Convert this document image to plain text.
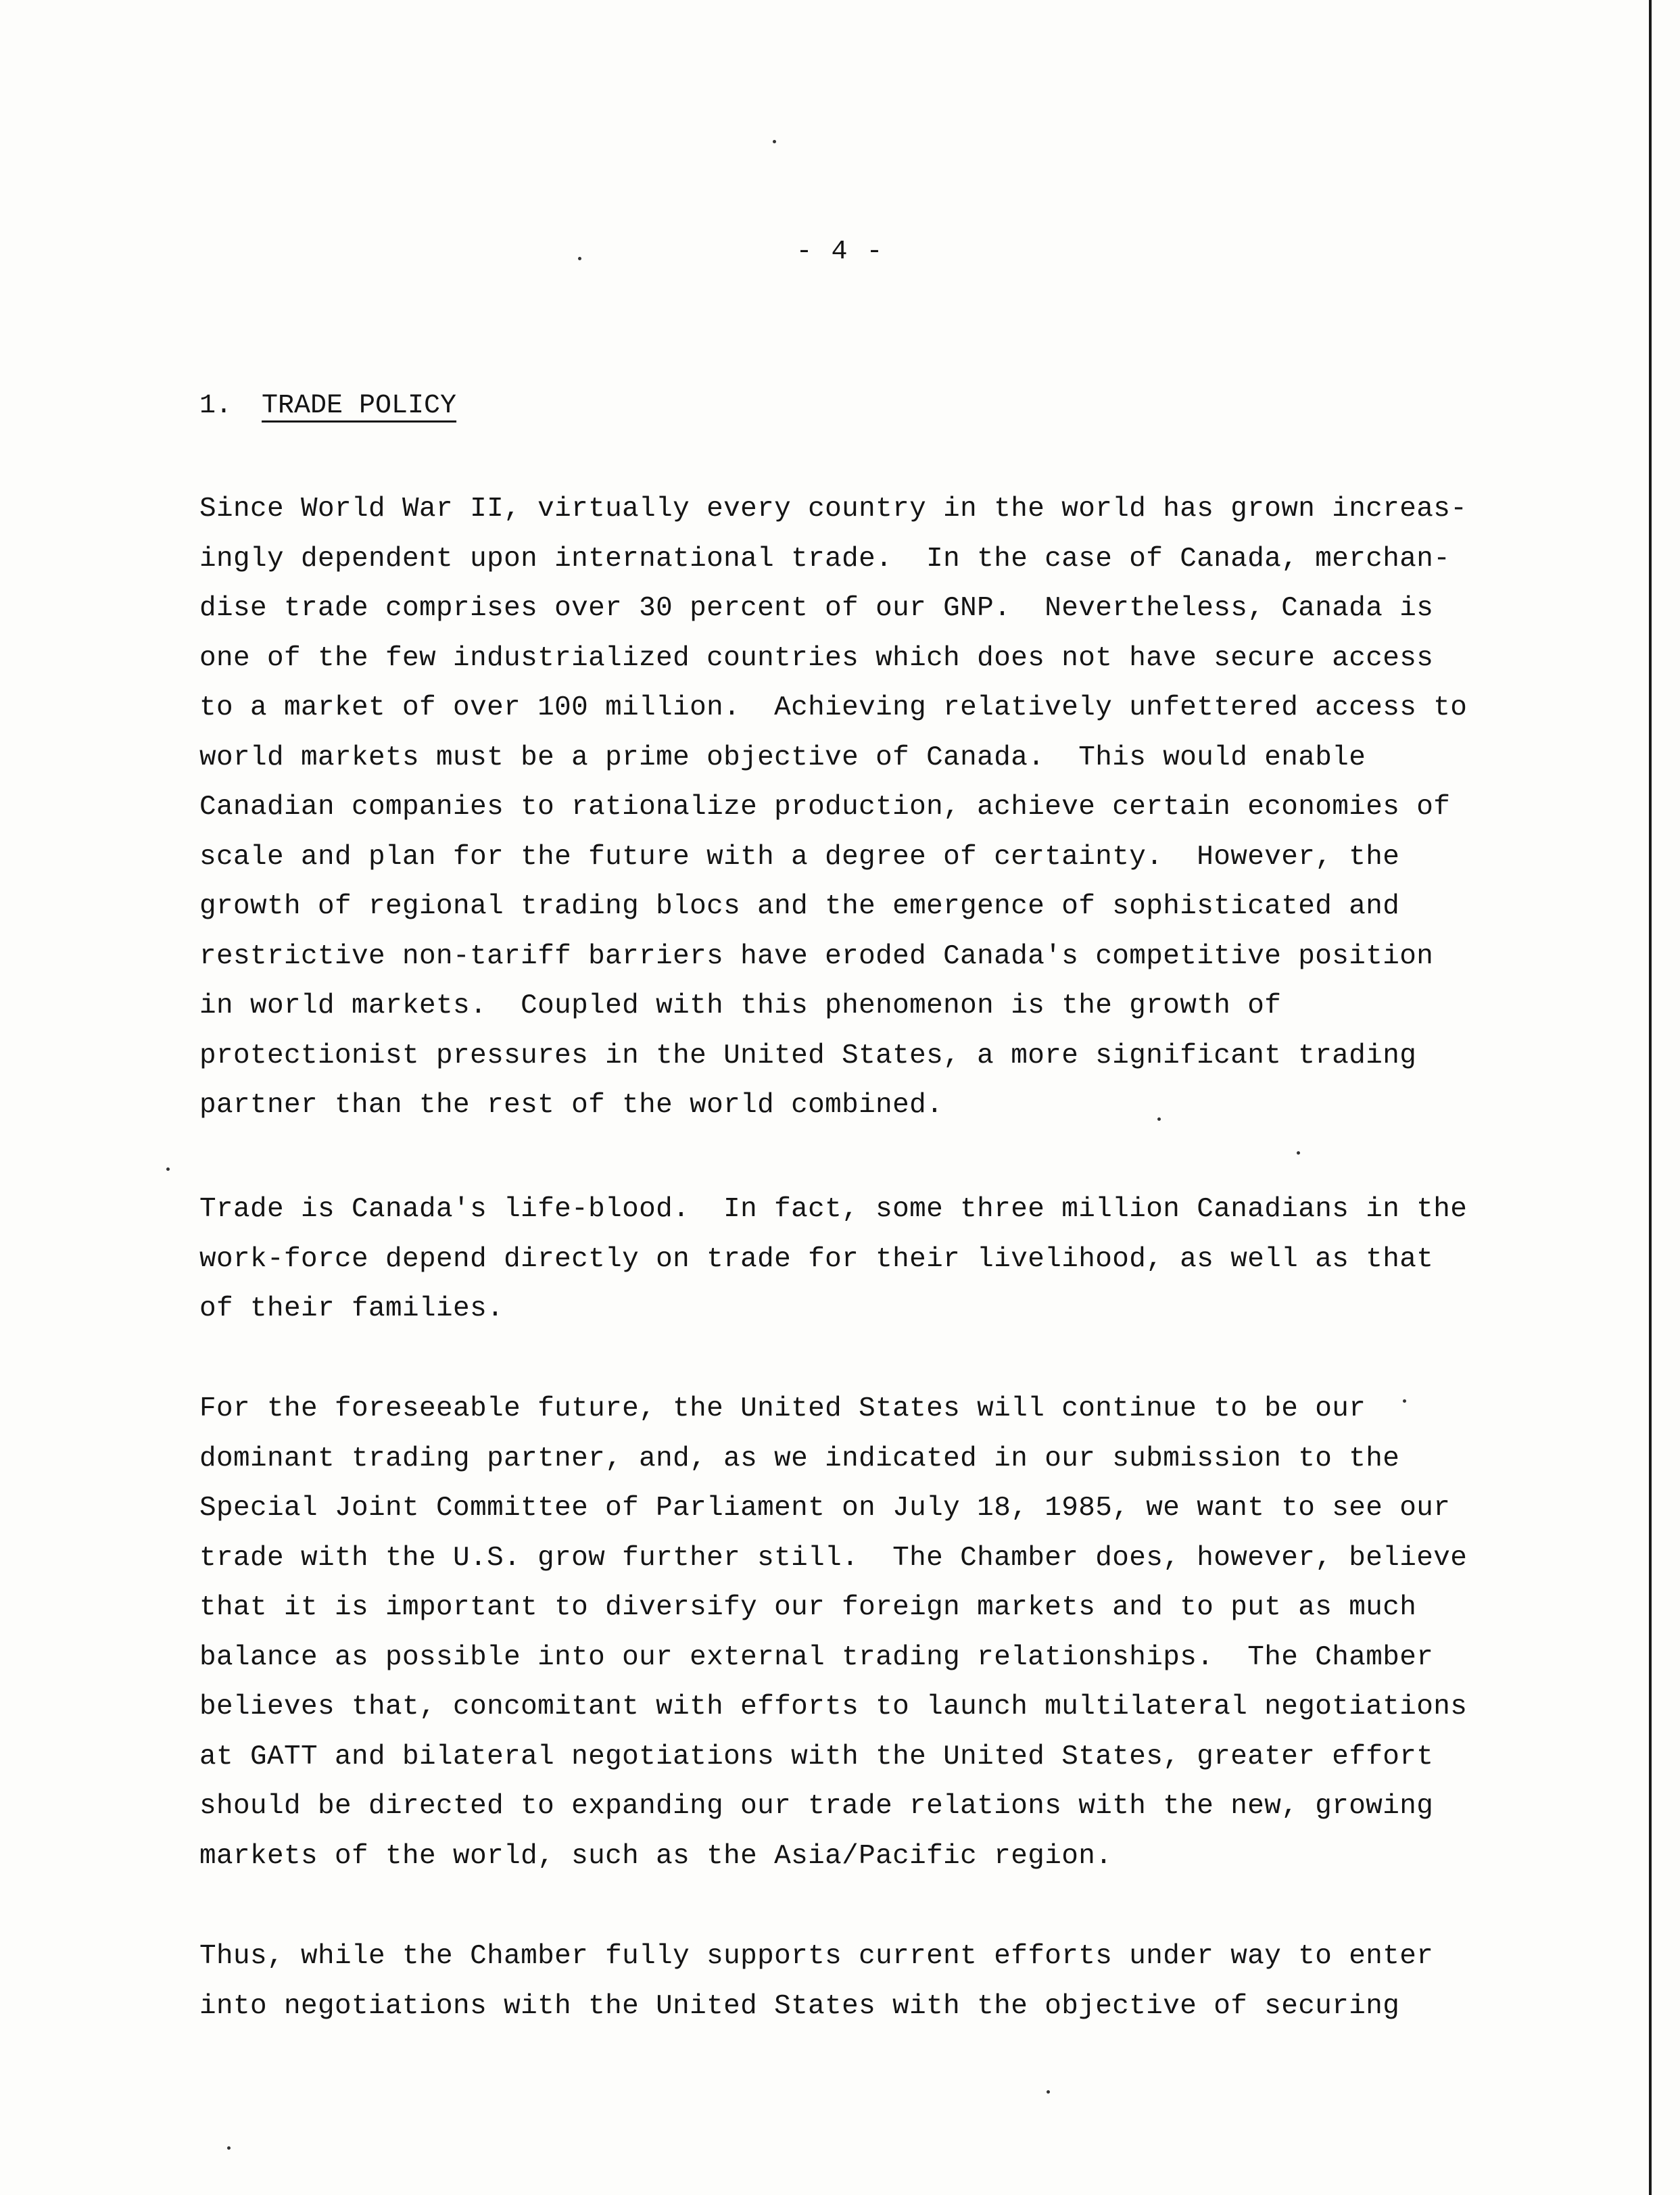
- 4 -
1. TRADE POLICY
Since World War II, virtually every country in the world has grown increas-
ingly dependent upon international trade.  In the case of Canada, merchan-
dise trade comprises over 30 percent of our GNP.  Nevertheless, Canada is
one of the few industrialized countries which does not have secure access
to a market of over 100 million.  Achieving relatively unfettered access to
world markets must be a prime objective of Canada.  This would enable
Canadian companies to rationalize production, achieve certain economies of
scale and plan for the future with a degree of certainty.  However, the
growth of regional trading blocs and the emergence of sophisticated and
restrictive non-tariff barriers have eroded Canada's competitive position
in world markets.  Coupled with this phenomenon is the growth of
protectionist pressures in the United States, a more significant trading
partner than the rest of the world combined.
Trade is Canada's life-blood.  In fact, some three million Canadians in the
work-force depend directly on trade for their livelihood, as well as that
of their families.
For the foreseeable future, the United States will continue to be our
dominant trading partner, and, as we indicated in our submission to the
Special Joint Committee of Parliament on July 18, 1985, we want to see our
trade with the U.S. grow further still.  The Chamber does, however, believe
that it is important to diversify our foreign markets and to put as much
balance as possible into our external trading relationships.  The Chamber
believes that, concomitant with efforts to launch multilateral negotiations
at GATT and bilateral negotiations with the United States, greater effort
should be directed to expanding our trade relations with the new, growing
markets of the world, such as the Asia/Pacific region.
Thus, while the Chamber fully supports current efforts under way to enter
into negotiations with the United States with the objective of securing
